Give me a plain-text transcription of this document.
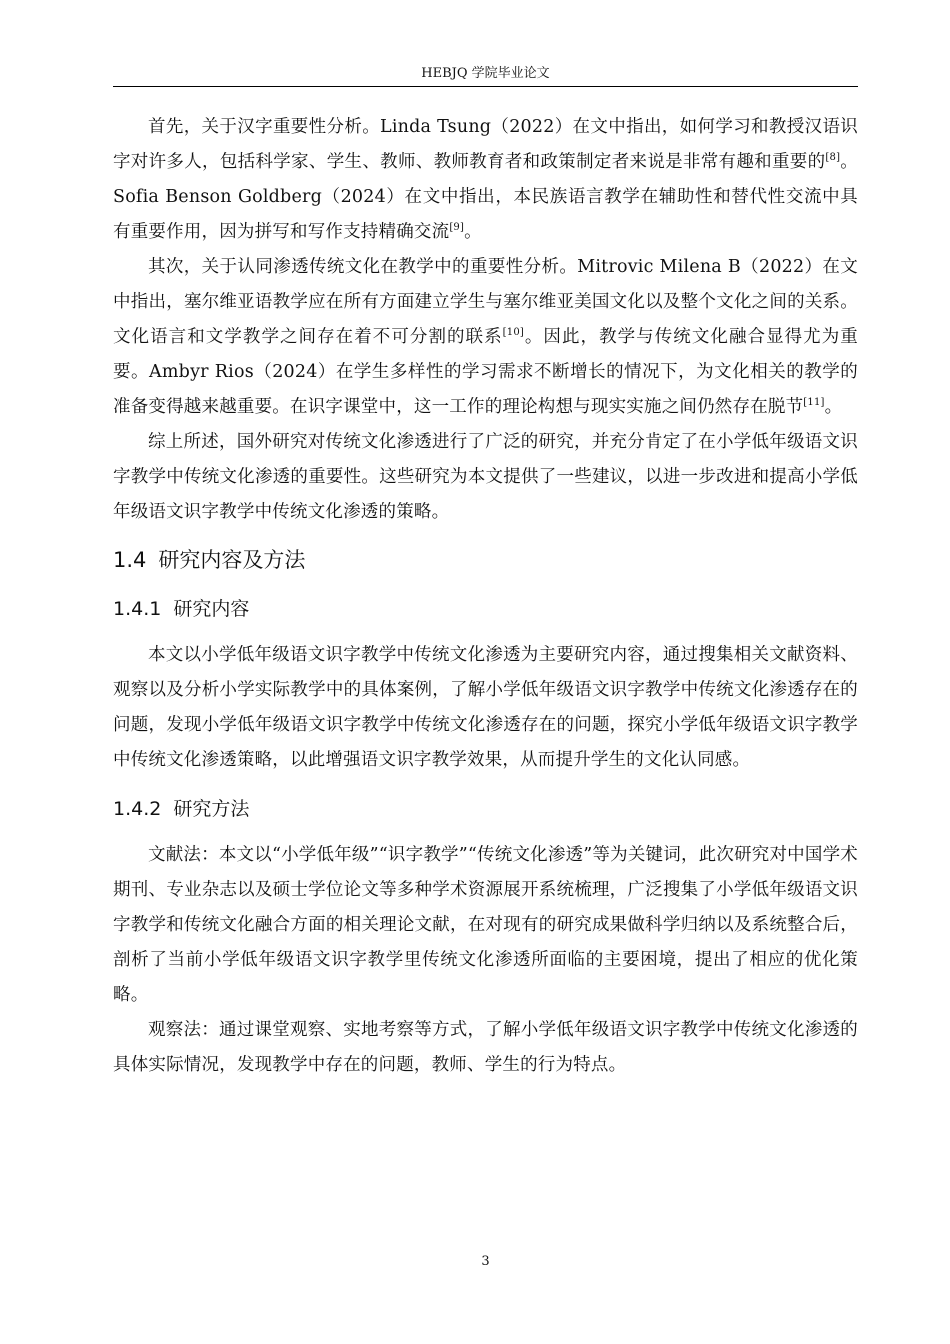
HEBJQ 学院毕业论文

首先，关于汉字重要性分析。Linda Tsung（2022）在文中指出，如何学习和教授汉语识字对许多人，包括科学家、学生、教师、教师教育者和政策制定者来说是非常有趣和重要的[8]。Sofia Benson Goldberg（2024）在文中指出，本民族语言教学在辅助性和替代性交流中具有重要作用，因为拼写和写作支持精确交流[9]。

其次，关于认同渗透传统文化在教学中的重要性分析。Mitrovic Milena B（2022）在文中指出，塞尔维亚语教学应在所有方面建立学生与塞尔维亚美国文化以及整个文化之间的关系。文化语言和文学教学之间存在着不可分割的联系[10]。因此，教学与传统文化融合显得尤为重要。Ambyr Rios（2024）在学生多样性的学习需求不断增长的情况下，为文化相关的教学的准备变得越来越重要。在识字课堂中，这一工作的理论构想与现实实施之间仍然存在脱节[11]。

综上所述，国外研究对传统文化渗透进行了广泛的研究，并充分肯定了在小学低年级语文识字教学中传统文化渗透的重要性。这些研究为本文提供了一些建议，以进一步改进和提高小学低年级语文识字教学中传统文化渗透的策略。

1.4 研究内容及方法
1.4.1 研究内容

本文以小学低年级语文识字教学中传统文化渗透为主要研究内容，通过搜集相关文献资料、观察以及分析小学实际教学中的具体案例，了解小学低年级语文识字教学中传统文化渗透存在的问题，发现小学低年级语文识字教学中传统文化渗透存在的问题，探究小学低年级语文识字教学中传统文化渗透策略，以此增强语文识字教学效果，从而提升学生的文化认同感。

1.4.2 研究方法

文献法：本文以“小学低年级”“识字教学”“传统文化渗透”等为关键词，此次研究对中国学术期刊、专业杂志以及硕士学位论文等多种学术资源展开系统梳理，广泛搜集了小学低年级语文识字教学和传统文化融合方面的相关理论文献，在对现有的研究成果做科学归纳以及系统整合后，剖析了当前小学低年级语文识字教学里传统文化渗透所面临的主要困境，提出了相应的优化策略。

观察法：通过课堂观察、实地考察等方式，了解小学低年级语文识字教学中传统文化渗透的具体实际情况，发现教学中存在的问题，教师、学生的行为特点。

3
